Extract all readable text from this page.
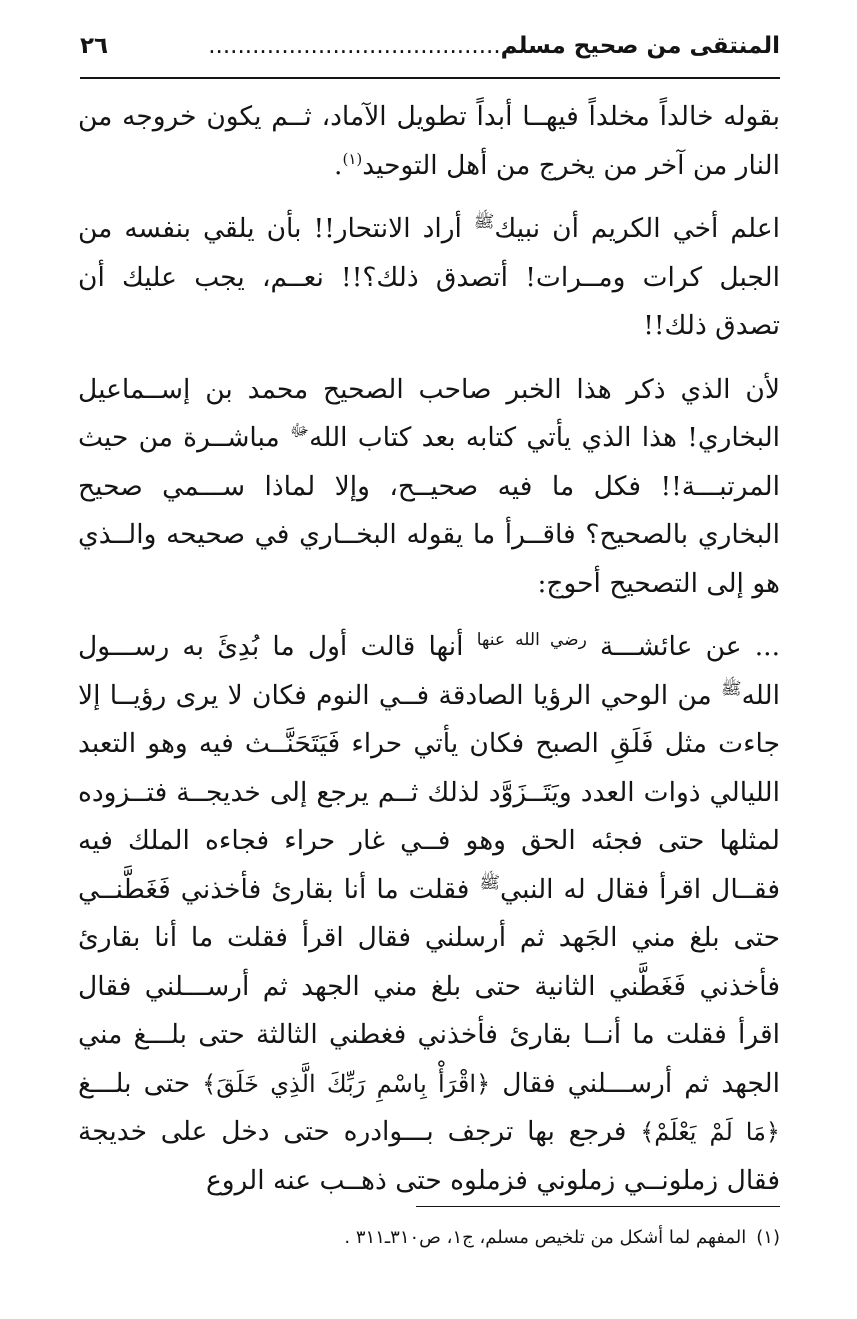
المنتقى من صحيح مسلم........................................
٢٦

بقوله خالداً مخلداً فيهــا أبداً تطويل الآماد، ثــم يكون خروجه من النار من آخر من يخرج من أهل التوحيد$^{(١)}$.

اعلم أخي الكريم أن نبيك$^ﷺ$ أراد الانتحار!! بأن يلقي بنفسه من الجبل كرات ومــرات! أتصدق ذلك؟!! نعــم، يجب عليك أن تصدق ذلك!!

لأن الذي ذكر هذا الخبر صاحب الصحيح محمد بن إســماعيل البخاري! هذا الذي يأتي كتابه بعد كتاب الله$^ﷻ$ مباشــرة من حيث المرتبـــة!! فكل ما فيه صحيــح، وإلا لماذا ســـمي صحيح البخاري بالصحيح؟ فاقــرأ ما يقوله البخــاري في صحيحه والــذي هو إلى التصحيح أحوج:

... عن عائشـــة $^{رضي الله عنها}$ أنها قالت أول ما بُدِئَ به رســـول الله$^ﷺ$ من الوحي الرؤيا الصادقة فــي النوم فكان لا يرى رؤيــا إلا جاءت مثل فَلَقِ الصبح فكان يأتي حراء فَيَتَحَنَّــث فيه وهو التعبد الليالي ذوات العدد ويَتَــزَوَّد لذلك ثــم يرجع إلى خديجــة فتــزوده لمثلها حتى فجئه الحق وهو فــي غار حراء فجاءه الملك فيه فقــال اقرأ فقال له النبي$^ﷺ$ فقلت ما أنا بقارئ فأخذني فَغَطَّنــي حتى بلغ مني الجَهد ثم أرسلني فقال اقرأ فقلت ما أنا بقارئ فأخذني فَغَطَّني الثانية حتى بلغ مني الجهد ثم أرســـلني فقال اقرأ فقلت ما أنــا بقارئ فأخذني فغطني الثالثة حتى بلـــغ مني الجهد ثم أرســـلني فقال ﴿اقْرَأْ بِاسْمِ رَبِّكَ الَّذِي خَلَقَ﴾ حتى بلـــغ ﴿مَا لَمْ يَعْلَمْ﴾ فرجع بها ترجف بـــوادره حتى دخل على خديجة فقال زملونــي زملوني فزملوه حتى ذهــب عنه الروع

(١)المفهم لما أشكل من تلخيص مسلم، ج١، ص٣١٠ـ٣١١ .
